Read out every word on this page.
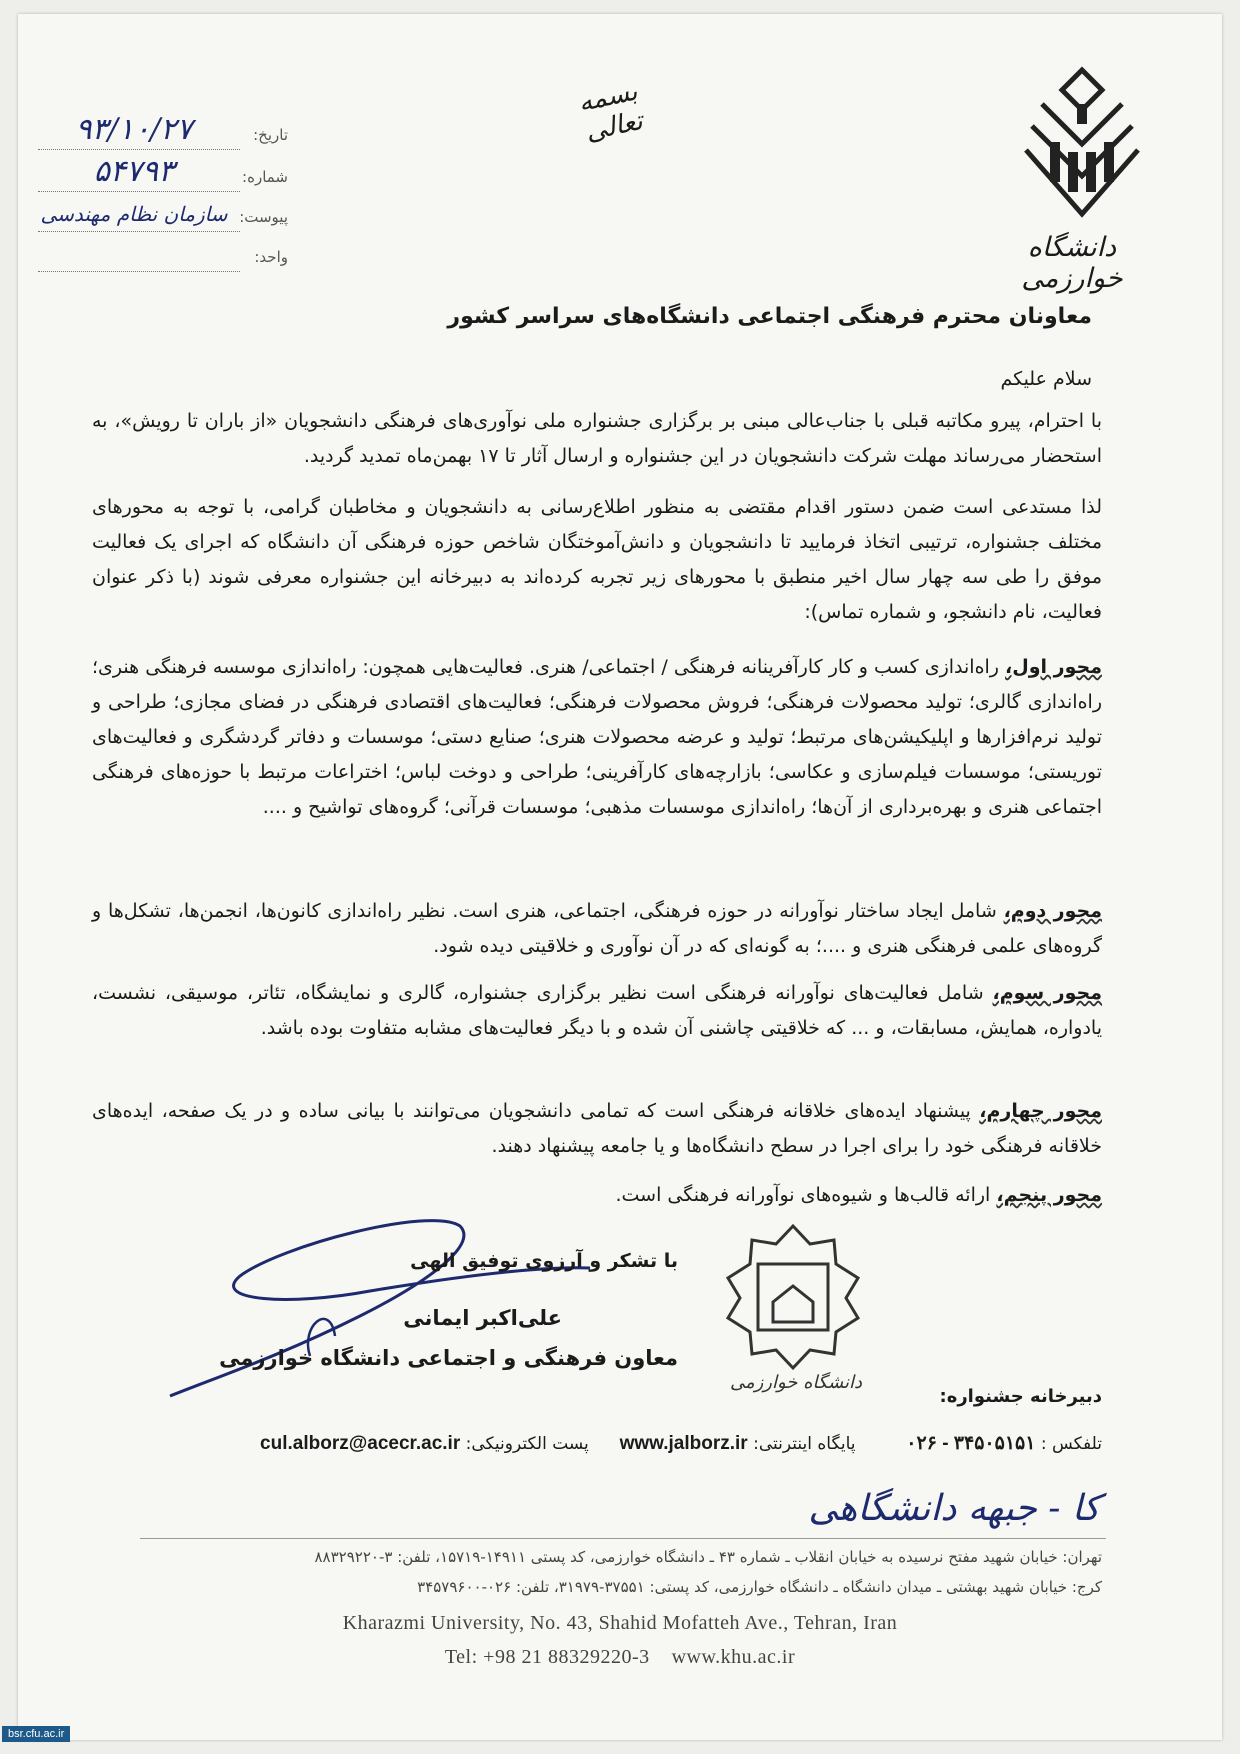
دانشگاه خوارزمی
بسمه تعالی
تاریخ:
۹۳/۱۰/۲۷
شماره:
۵۴۷۹۳
پیوست:
سازمان نظام مهندسی
واحد:
معاونان محترم فرهنگی اجتماعی دانشگاه‌های سراسر کشور
سلام علیکم
با احترام، پیرو مکاتبه قبلی با جناب‌عالی مبنی بر برگزاری جشنواره ملی نوآوری‌های فرهنگی دانشجویان «از باران تا رویش»، به استحضار می‌رساند مهلت شرکت دانشجویان در این جشنواره و ارسال آثار تا ۱۷ بهمن‌ماه تمدید گردید.
لذا مستدعی است ضمن دستور اقدام مقتضی به منظور اطلاع‌رسانی به دانشجویان و مخاطبان گرامی، با توجه به محورهای مختلف جشنواره، ترتیبی اتخاذ فرمایید تا دانشجویان و دانش‌آموختگان شاخص حوزه فرهنگی آن دانشگاه که اجرای یک فعالیت موفق را طی سه چهار سال اخیر منطبق با محورهای زیر تجربه کرده‌اند به دبیرخانه این جشنواره معرفی شوند (با ذکر عنوان فعالیت، نام دانشجو، و شماره تماس):
محور اول، راه‌اندازی کسب و کار کارآفرینانه فرهنگی / اجتماعی/ هنری. فعالیت‌هایی همچون: راه‌اندازی موسسه فرهنگی هنری؛ راه‌اندازی گالری؛ تولید محصولات فرهنگی؛ فروش محصولات فرهنگی؛ فعالیت‌های اقتصادی فرهنگی در فضای مجازی؛ طراحی و تولید نرم‌افزارها و اپلیکیشن‌های مرتبط؛ تولید و عرضه محصولات هنری؛ صنایع دستی؛ موسسات و دفاتر گردشگری و فعالیت‌های توریستی؛ موسسات فیلم‌سازی و عکاسی؛ بازارچه‌های کارآفرینی؛ طراحی و دوخت لباس؛ اختراعات مرتبط با حوزه‌های فرهنگی اجتماعی هنری و بهره‌برداری از آن‌ها؛ راه‌اندازی موسسات مذهبی؛ موسسات قرآنی؛ گروه‌های تواشیح و ....
محور دوم، شامل ایجاد ساختار نوآورانه در حوزه فرهنگی، اجتماعی، هنری است. نظیر راه‌اندازی کانون‌ها، انجمن‌ها، تشکل‌ها و گروه‌های علمی فرهنگی هنری و ....؛ به گونه‌ای که در آن نوآوری و خلاقیتی دیده شود.
محور سوم، شامل فعالیت‌های نوآورانه فرهنگی است نظیر برگزاری جشنواره، گالری و نمایشگاه، تئاتر، موسیقی، نشست، یادواره، همایش، مسابقات، و ... که خلاقیتی چاشنی آن شده و با دیگر فعالیت‌های مشابه متفاوت بوده باشد.
محور چهارم، پیشنهاد ایده‌های خلاقانه فرهنگی است که تمامی دانشجویان می‌توانند با بیانی ساده و در یک صفحه، ایده‌های خلاقانه فرهنگی خود را برای اجرا در سطح دانشگاه‌ها و یا جامعه پیشنهاد دهند.
محور پنجم، ارائه قالب‌ها و شیوه‌های نوآورانه فرهنگی است.
با تشکر و آرزوی توفیق الهی
علی‌اکبر ایمانی
معاون فرهنگی و اجتماعی دانشگاه خوارزمی
دانشگاه خوارزمی
دبیرخانه جشنواره:
تلفکس : ۰۲۶ - ۳۴۵۰۵۱۵۱  پایگاه اینترنتی: www.jalborz.ir  پست الکترونیکی: cul.alborz@acecr.ac.ir
کا - جبهه‌ دانشگاهی
تهران: خیابان شهید مفتح نرسیده به خیابان انقلاب ـ شماره ۴۳ ـ دانشگاه خوارزمی، کد پستی ۱۴۹۱۱-۱۵۷۱۹، تلفن: ۳-۸۸۳۲۹۲۲۰
کرج: خیابان شهید بهشتی ـ میدان دانشگاه ـ دانشگاه خوارزمی، کد پستی: ۳۷۵۵۱-۳۱۹۷۹، تلفن: ۰۲۶-۳۴۵۷۹۶۰۰
Kharazmi University, No. 43, Shahid Mofatteh Ave., Tehran, Iran
Tel: +98 21 88329220-3    www.khu.ac.ir
bsr.cfu.ac.ir
